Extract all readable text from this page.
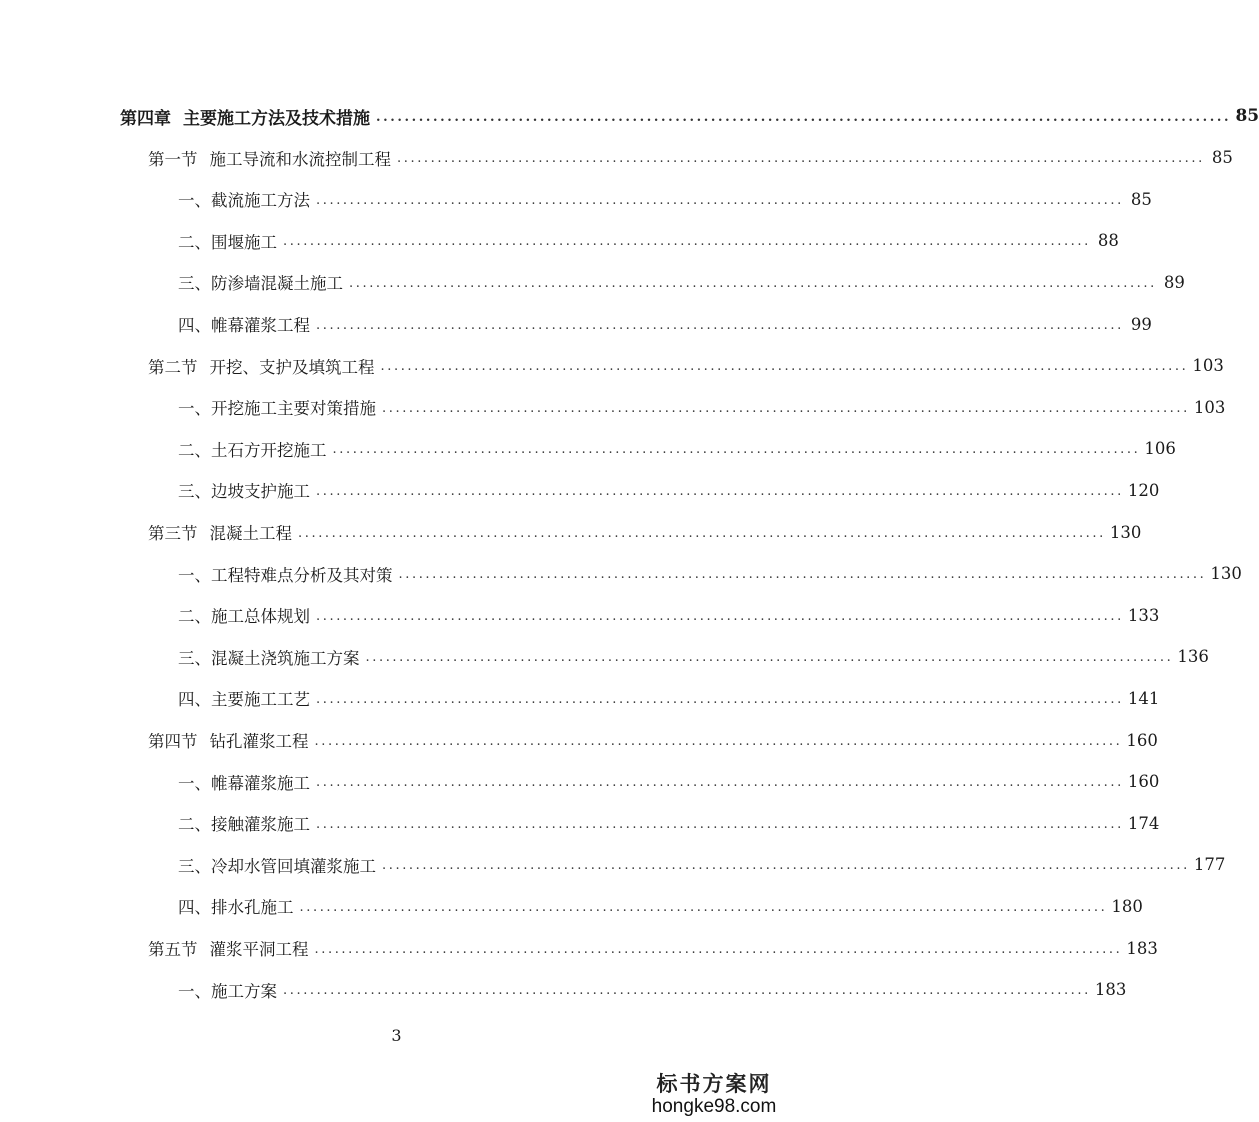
第四章 主要施工方法及技术措施 ........................................................................................................................ 85
第一节 施工导流和水流控制工程 ........................................................................................................................ 85
一、截流施工方法 ........................................................................................................................ 85
二、围堰施工 ........................................................................................................................ 88
三、防渗墙混凝土施工 ........................................................................................................................ 89
四、帷幕灌浆工程 ........................................................................................................................ 99
第二节 开挖、支护及填筑工程 ........................................................................................................................ 103
一、开挖施工主要对策措施 ........................................................................................................................ 103
二、土石方开挖施工 ........................................................................................................................ 106
三、边坡支护施工 ........................................................................................................................ 120
第三节 混凝土工程 ........................................................................................................................ 130
一、工程特难点分析及其对策 ........................................................................................................................ 130
二、施工总体规划 ........................................................................................................................ 133
三、混凝土浇筑施工方案 ........................................................................................................................ 136
四、主要施工工艺 ........................................................................................................................ 141
第四节 钻孔灌浆工程 ........................................................................................................................ 160
一、帷幕灌浆施工 ........................................................................................................................ 160
二、接触灌浆施工 ........................................................................................................................ 174
三、冷却水管回填灌浆施工 ........................................................................................................................ 177
四、排水孔施工 ........................................................................................................................ 180
第五节 灌浆平洞工程 ........................................................................................................................ 183
一、施工方案 ........................................................................................................................ 183
3
标书方案网
hongke98.com
